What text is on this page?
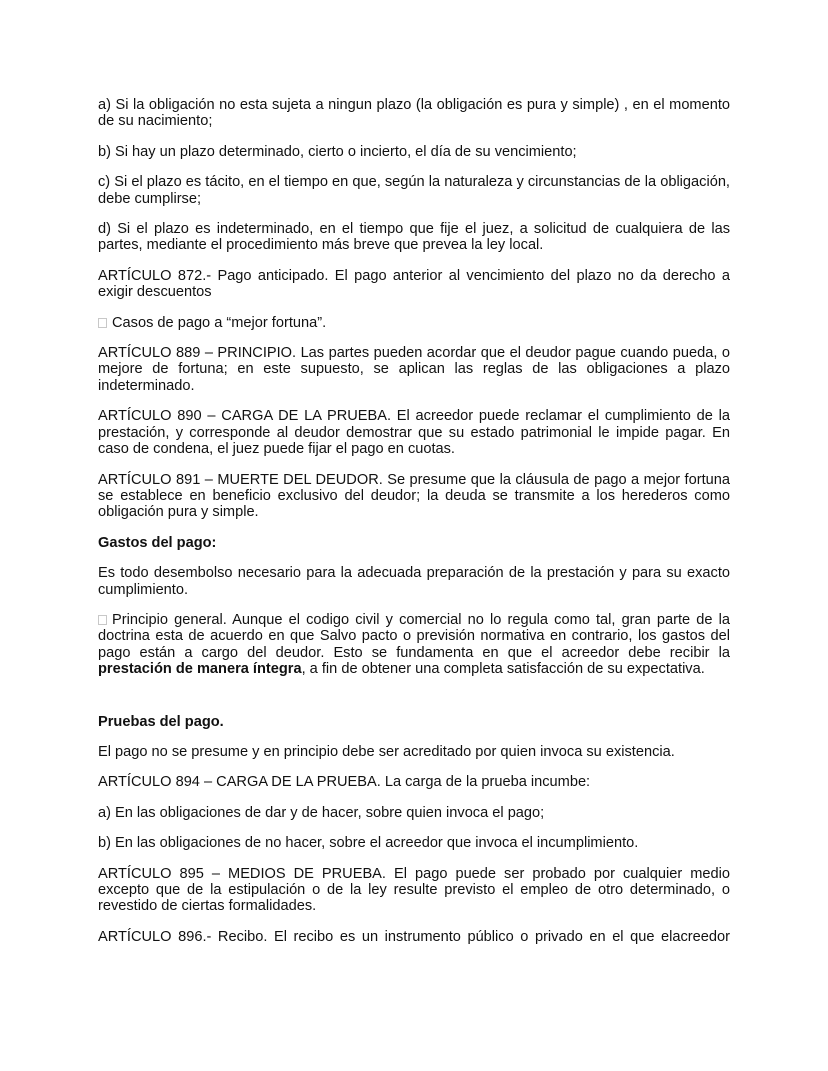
a) Si la obligación no esta sujeta a ningun plazo (la obligación es pura y simple) , en el momento de su nacimiento;

b) Si hay un plazo determinado, cierto o incierto, el día de su vencimiento;

c) Si el plazo es tácito, en el tiempo en que, según la naturaleza y circunstancias de la obligación, debe cumplirse;

d) Si el plazo es indeterminado, en el tiempo que fije el juez, a solicitud de cualquiera de las partes, mediante el procedimiento más breve que prevea la ley local.

ARTÍCULO 872.- Pago anticipado. El pago anterior al vencimiento del plazo no da derecho a exigir descuentos

Casos de pago a “mejor fortuna”.

ARTÍCULO 889 – PRINCIPIO. Las partes pueden acordar que el deudor pague cuando pueda, o mejore de fortuna; en este supuesto, se aplican las reglas de las obligaciones a plazo indeterminado.

ARTÍCULO 890 – CARGA DE LA PRUEBA. El acreedor puede reclamar el cumplimiento de la prestación, y corresponde al deudor demostrar que su estado patrimonial le impide pagar. En caso de condena, el juez puede fijar el pago en cuotas.

ARTÍCULO 891 – MUERTE DEL DEUDOR. Se presume que la cláusula de pago a mejor fortuna se establece en beneficio exclusivo del deudor; la deuda se transmite a los herederos como obligación pura y simple.

Gastos del pago:

Es todo desembolso necesario para la adecuada preparación de la prestación y para su exacto cumplimiento.

Principio general. Aunque el codigo civil y comercial no lo regula como tal, gran parte de la doctrina esta de acuerdo en que Salvo pacto o previsión normativa en contrario, los gastos del pago están a cargo del deudor. Esto se fundamenta en que el acreedor debe recibir la prestación de manera íntegra, a fin de obtener una completa satisfacción de su expectativa.

Pruebas del pago.

El pago no se presume y en principio debe ser acreditado por quien invoca su existencia.

ARTÍCULO 894 – CARGA DE LA PRUEBA. La carga de la prueba incumbe:

a) En las obligaciones de dar y de hacer, sobre quien invoca el pago;

b) En las obligaciones de no hacer, sobre el acreedor que invoca el incumplimiento.

ARTÍCULO 895 – MEDIOS DE PRUEBA. El pago puede ser probado por cualquier medio excepto que de la estipulación o de la ley resulte previsto el empleo de otro determinado, o revestido de ciertas formalidades.

ARTÍCULO 896.- Recibo. El recibo es un instrumento público o privado en el que elacreedor
